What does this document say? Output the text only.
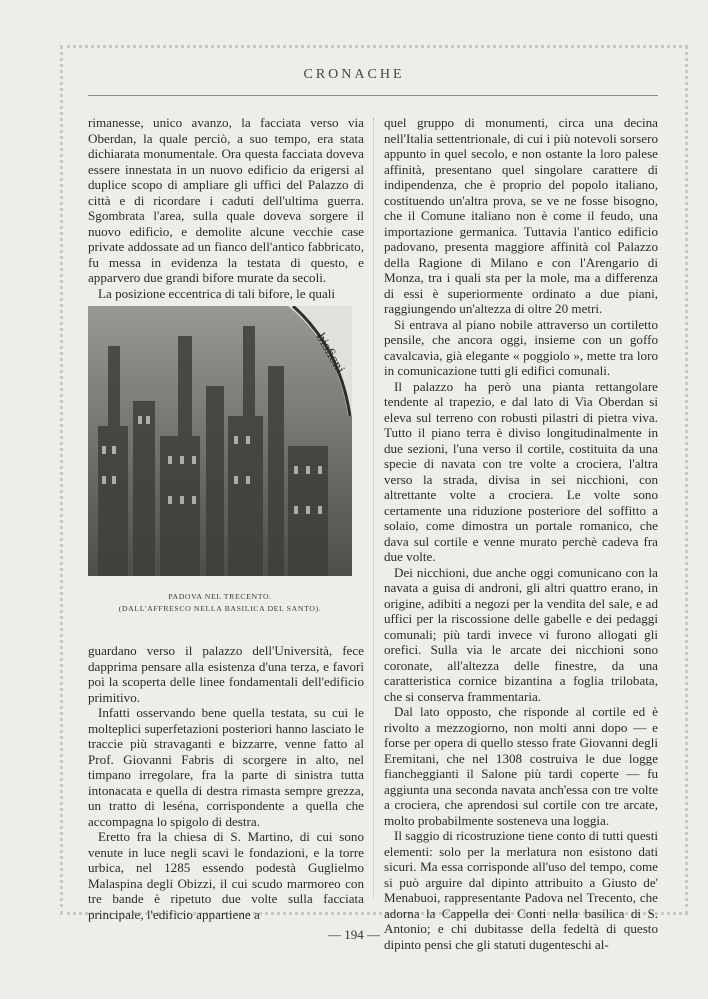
CRONACHE

rimanesse, unico avanzo, la facciata verso via Oberdan, la quale perciò, a suo tempo, era stata dichiarata monumentale. Ora questa facciata doveva essere innestata in un nuovo edificio da erigersi al duplice scopo di ampliare gli uffici del Palazzo di città e di ricordare i caduti dell'ultima guerra. Sgombrata l'area, sulla quale doveva sorgere il nuovo edificio, e demolite alcune vecchie case private addossate ad un fianco dell'antico fabbricato, fu messa in evidenza la testata di questo, e apparvero due grandi bifore murate da secoli.

La posizione eccentrica di tali bifore, le quali

bisficni
PADOVA NEL TRECENTO.
(DALL'AFFRESCO NELLA BASILICA DEL SANTO).

guardano verso il palazzo dell'Università, fece dapprima pensare alla esistenza d'una terza, e favorì poi la scoperta delle linee fondamentali dell'edificio primitivo.

Infatti osservando bene quella testata, su cui le molteplici superfetazioni posteriori hanno lasciato le traccie più stravaganti e bizzarre, venne fatto al Prof. Giovanni Fabris di scorgere in alto, nel timpano irregolare, fra la parte di sinistra tutta intonacata e quella di destra rimasta sempre grezza, un tratto di leséna, corrispondente a quella che accompagna lo spigolo di destra.

Eretto fra la chiesa di S. Martino, di cui sono venute in luce negli scavi le fondazioni, e la torre urbica, nel 1285 essendo podestà Guglielmo Malaspina degli Obizzi, il cui scudo marmoreo con tre bande è ripetuto due volte sulla facciata principale, l'edificio appartiene a

quel gruppo di monumenti, circa una decina nell'Italia settentrionale, di cui i più notevoli sorsero appunto in quel secolo, e non ostante la loro palese affinità, presentano quel singolare carattere di indipendenza, che è proprio del popolo italiano, costituendo un'altra prova, se ve ne fosse bisogno, che il Comune italiano non è come il feudo, una importazione germanica. Tuttavia l'antico edificio padovano, presenta maggiore affinità col Palazzo della Ragione di Milano e con l'Arengario di Monza, tra i quali sta per la mole, ma a differenza di essi è superiormente ordinato a due piani, raggiungendo un'altezza di oltre 20 metri.

Si entrava al piano nobile attraverso un cortiletto pensile, che ancora oggi, insieme con un goffo cavalcavia, già elegante « poggiolo », mette tra loro in comunicazione tutti gli edifici comunali.

Il palazzo ha però una pianta rettangolare tendente al trapezio, e dal lato di Via Oberdan si eleva sul terreno con robusti pilastri di pietra viva. Tutto il piano terra è diviso longitudinalmente in due sezioni, l'una verso il cortile, costituita da una specie di navata con tre volte a crociera, l'altra verso la strada, divisa in sei nicchioni, con altrettante volte a crociera. Le volte sono certamente una riduzione posteriore del soffitto a solaio, come dimostra un portale romanico, che dava sul cortile e venne murato perchè cadeva fra due volte.

Dei nicchioni, due anche oggi comunicano con la navata a guisa di androni, gli altri quattro erano, in origine, adibiti a negozi per la vendita del sale, e ad uffici per la riscossione delle gabelle e dei pedaggi comunali; più tardi invece vi furono allogati gli orefici. Sulla via le arcate dei nicchioni sono coronate, all'altezza delle finestre, da una caratteristica cornice bizantina a foglia trilobata, che si conserva frammentaria.

Dal lato opposto, che risponde al cortile ed è rivolto a mezzogiorno, non molti anni dopo — e forse per opera di quello stesso frate Giovanni degli Eremitani, che nel 1308 costruiva le due logge fiancheggianti il Salone più tardi coperte — fu aggiunta una seconda navata anch'essa con tre volte a crociera, che aprendosi sul cortile con tre arcate, molto probabilmente sosteneva una loggia.

Il saggio di ricostruzione tiene conto di tutti questi elementi: solo per la merlatura non esistono dati sicuri. Ma essa corrisponde all'uso del tempo, come si può arguire dal dipinto attribuito a Giusto de' Menabuoi, rappresentante Padova nel Trecento, che adorna la Cappella dei Conti nella basilica di S. Antonio; e chi dubitasse della fedeltà di questo dipinto pensi che gli statuti dugenteschi al-

— 194 —
